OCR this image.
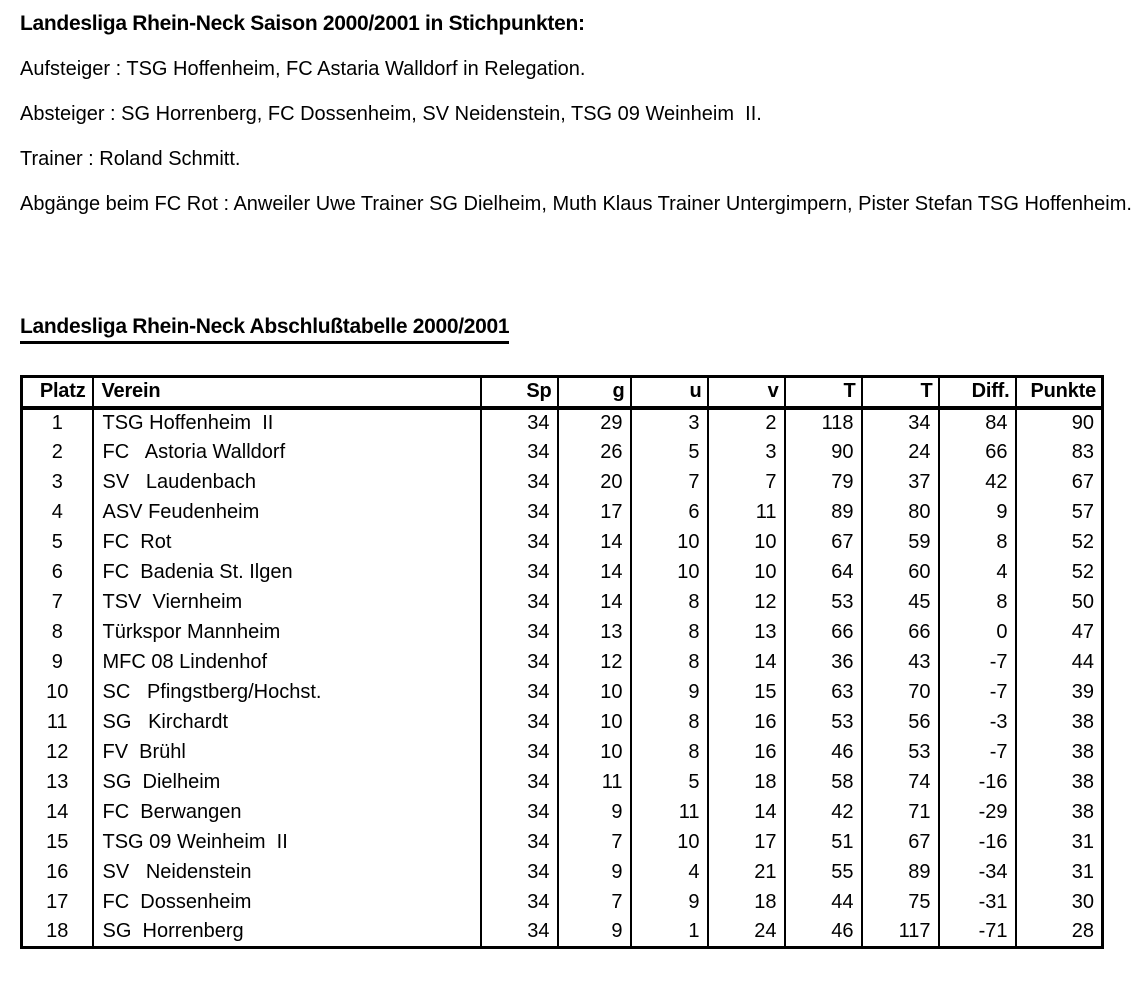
Landesliga Rhein-Neck Saison 2000/2001 in Stichpunkten:

Aufsteiger : TSG Hoffenheim, FC Astaria Walldorf in Relegation.

Absteiger : SG Horrenberg, FC Dossenheim, SV Neidenstein, TSG 09 Weinheim  II.

Trainer : Roland Schmitt.

Abgänge beim FC Rot : Anweiler Uwe Trainer SG Dielheim, Muth Klaus Trainer Untergimpern, Pister Stefan TSG Hoffenheim.

Landesliga Rhein-Neck Abschlußtabelle 2000/2001
Platz	Verein	Sp	g	u	v	T	T	Diff.	Punkte
1	TSG Hoffenheim  II	34	29	3	2	118	34	84	90
2	FC   Astoria Walldorf	34	26	5	3	90	24	66	83
3	SV   Laudenbach	34	20	7	7	79	37	42	67
4	ASV Feudenheim	34	17	6	11	89	80	9	57
5	FC  Rot	34	14	10	10	67	59	8	52
6	FC  Badenia St. Ilgen	34	14	10	10	64	60	4	52
7	TSV  Viernheim	34	14	8	12	53	45	8	50
8	Türkspor Mannheim	34	13	8	13	66	66	0	47
9	MFC 08 Lindenhof	34	12	8	14	36	43	-7	44
10	SC   Pfingstberg/Hochst.	34	10	9	15	63	70	-7	39
11	SG   Kirchardt	34	10	8	16	53	56	-3	38
12	FV  Brühl	34	10	8	16	46	53	-7	38
13	SG  Dielheim	34	11	5	18	58	74	-16	38
14	FC  Berwangen	34	9	11	14	42	71	-29	38
15	TSG 09 Weinheim  II	34	7	10	17	51	67	-16	31
16	SV   Neidenstein	34	9	4	21	55	89	-34	31
17	FC  Dossenheim	34	7	9	18	44	75	-31	30
18	SG  Horrenberg	34	9	1	24	46	117	-71	28
